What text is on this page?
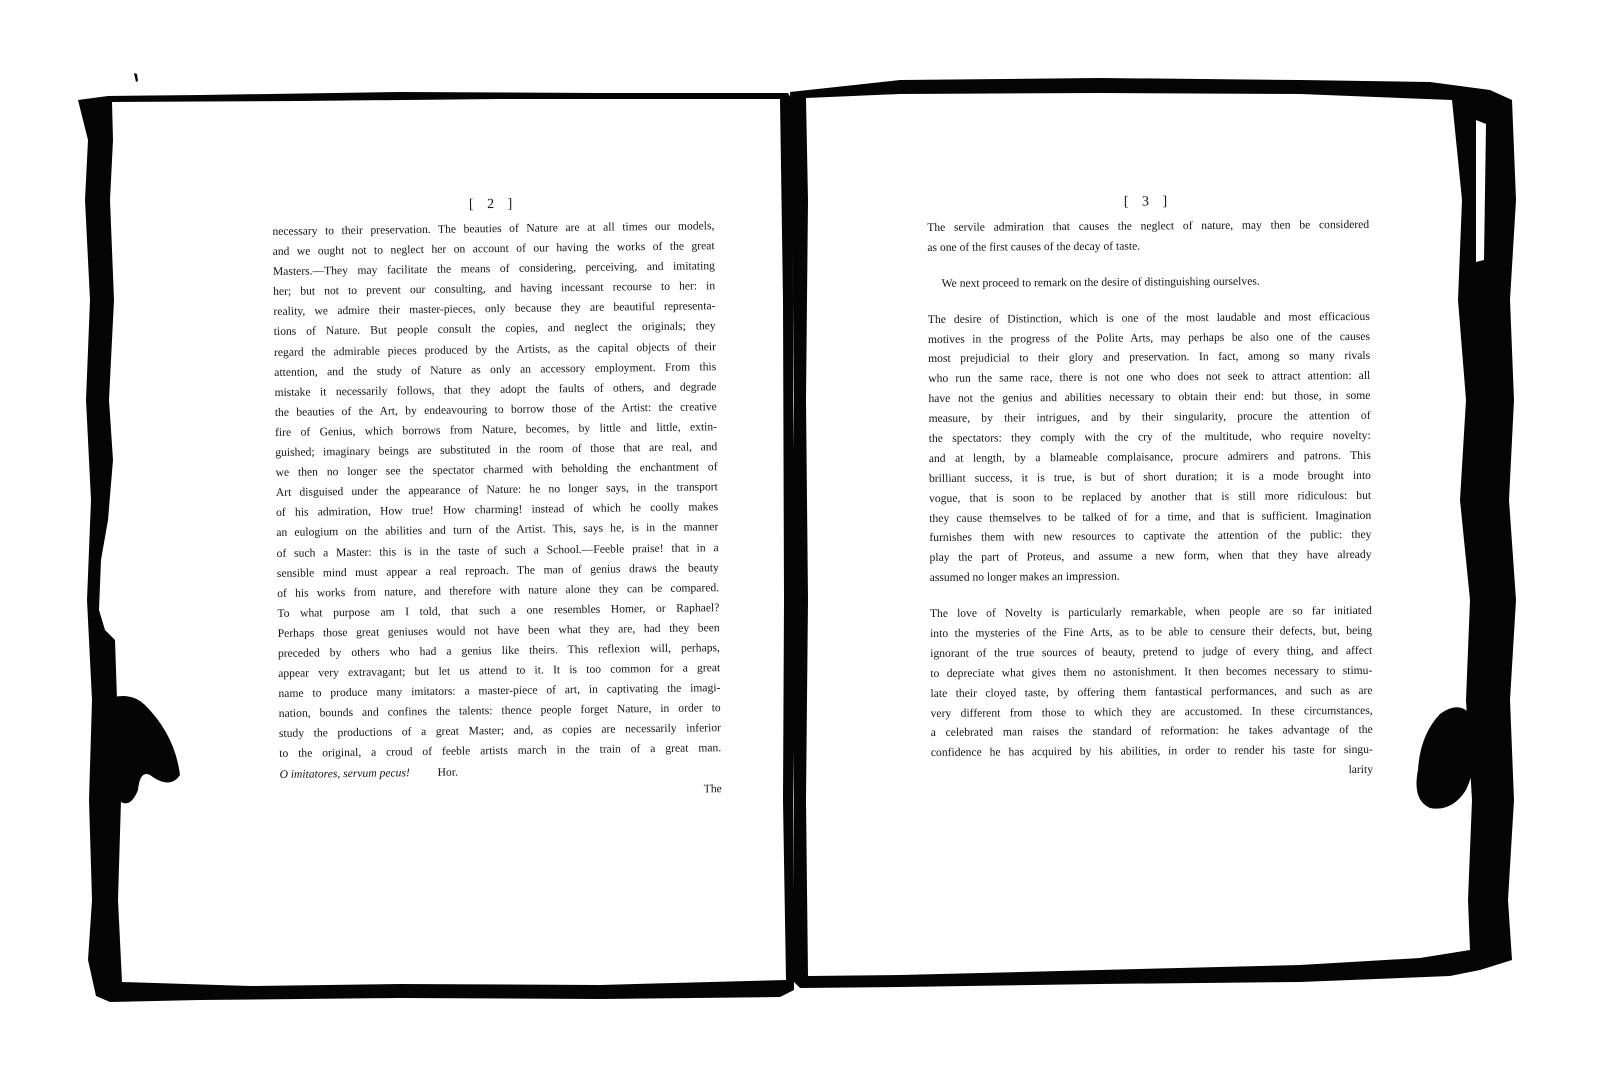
[ 2 ]
necessary to their preservation. The beauties of Nature are at all times our models,
and we ought not to neglect her on account of our having the works of the great
Masters.—They may facilitate the means of considering, perceiving, and imitating
her; but not to prevent our consulting, and having incessant recourse to her: in
reality, we admire their master-pieces, only because they are beautiful representa-
tions of Nature. But people consult the copies, and neglect the originals; they
regard the admirable pieces produced by the Artists, as the capital objects of their
attention, and the study of Nature as only an accessory employment. From this
mistake it necessarily follows, that they adopt the faults of others, and degrade
the beauties of the Art, by endeavouring to borrow those of the Artist: the creative
fire of Genius, which borrows from Nature, becomes, by little and little, extin-
guished; imaginary beings are substituted in the room of those that are real, and
we then no longer see the spectator charmed with beholding the enchantment of
Art disguised under the appearance of Nature: he no longer says, in the transport
of his admiration, How true! How charming! instead of which he coolly makes
an eulogium on the abilities and turn of the Artist. This, says he, is in the manner
of such a Master: this is in the taste of such a School.—Feeble praise! that in a
sensible mind must appear a real reproach. The man of genius draws the beauty
of his works from nature, and therefore with nature alone they can be compared.
To what purpose am I told, that such a one resembles Homer, or Raphael?
Perhaps those great geniuses would not have been what they are, had they been
preceded by others who had a genius like theirs. This reflexion will, perhaps,
appear very extravagant; but let us attend to it. It is too common for a great
name to produce many imitators: a master-piece of art, in captivating the imagi-
nation, bounds and confines the talents: thence people forget Nature, in order to
study the productions of a great Master; and, as copies are necessarily inferior
to the original, a croud of feeble artists march in the train of a great man.
O imitatores, servum pecus! Hor.
The
[ 3 ]
The servile admiration that causes the neglect of nature, may then be considered
as one of the first causes of the decay of taste.
We next proceed to remark on the desire of distinguishing ourselves.
The desire of Distinction, which is one of the most laudable and most efficacious
motives in the progress of the Polite Arts, may perhaps be also one of the causes
most prejudicial to their glory and preservation. In fact, among so many rivals
who run the same race, there is not one who does not seek to attract attention: all
have not the genius and abilities necessary to obtain their end: but those, in some
measure, by their intrigues, and by their singularity, procure the attention of
the spectators: they comply with the cry of the multitude, who require novelty:
and at length, by a blameable complaisance, procure admirers and patrons. This
brilliant success, it is true, is but of short duration; it is a mode brought into
vogue, that is soon to be replaced by another that is still more ridiculous: but
they cause themselves to be talked of for a time, and that is sufficient. Imagination
furnishes them with new resources to captivate the attention of the public: they
play the part of Proteus, and assume a new form, when that they have already
assumed no longer makes an impression.
The love of Novelty is particularly remarkable, when people are so far initiated
into the mysteries of the Fine Arts, as to be able to censure their defects, but, being
ignorant of the true sources of beauty, pretend to judge of every thing, and affect
to depreciate what gives them no astonishment. It then becomes necessary to stimu-
late their cloyed taste, by offering them fantastical performances, and such as are
very different from those to which they are accustomed. In these circumstances,
a celebrated man raises the standard of reformation: he takes advantage of the
confidence he has acquired by his abilities, in order to render his taste for singu-
larity
